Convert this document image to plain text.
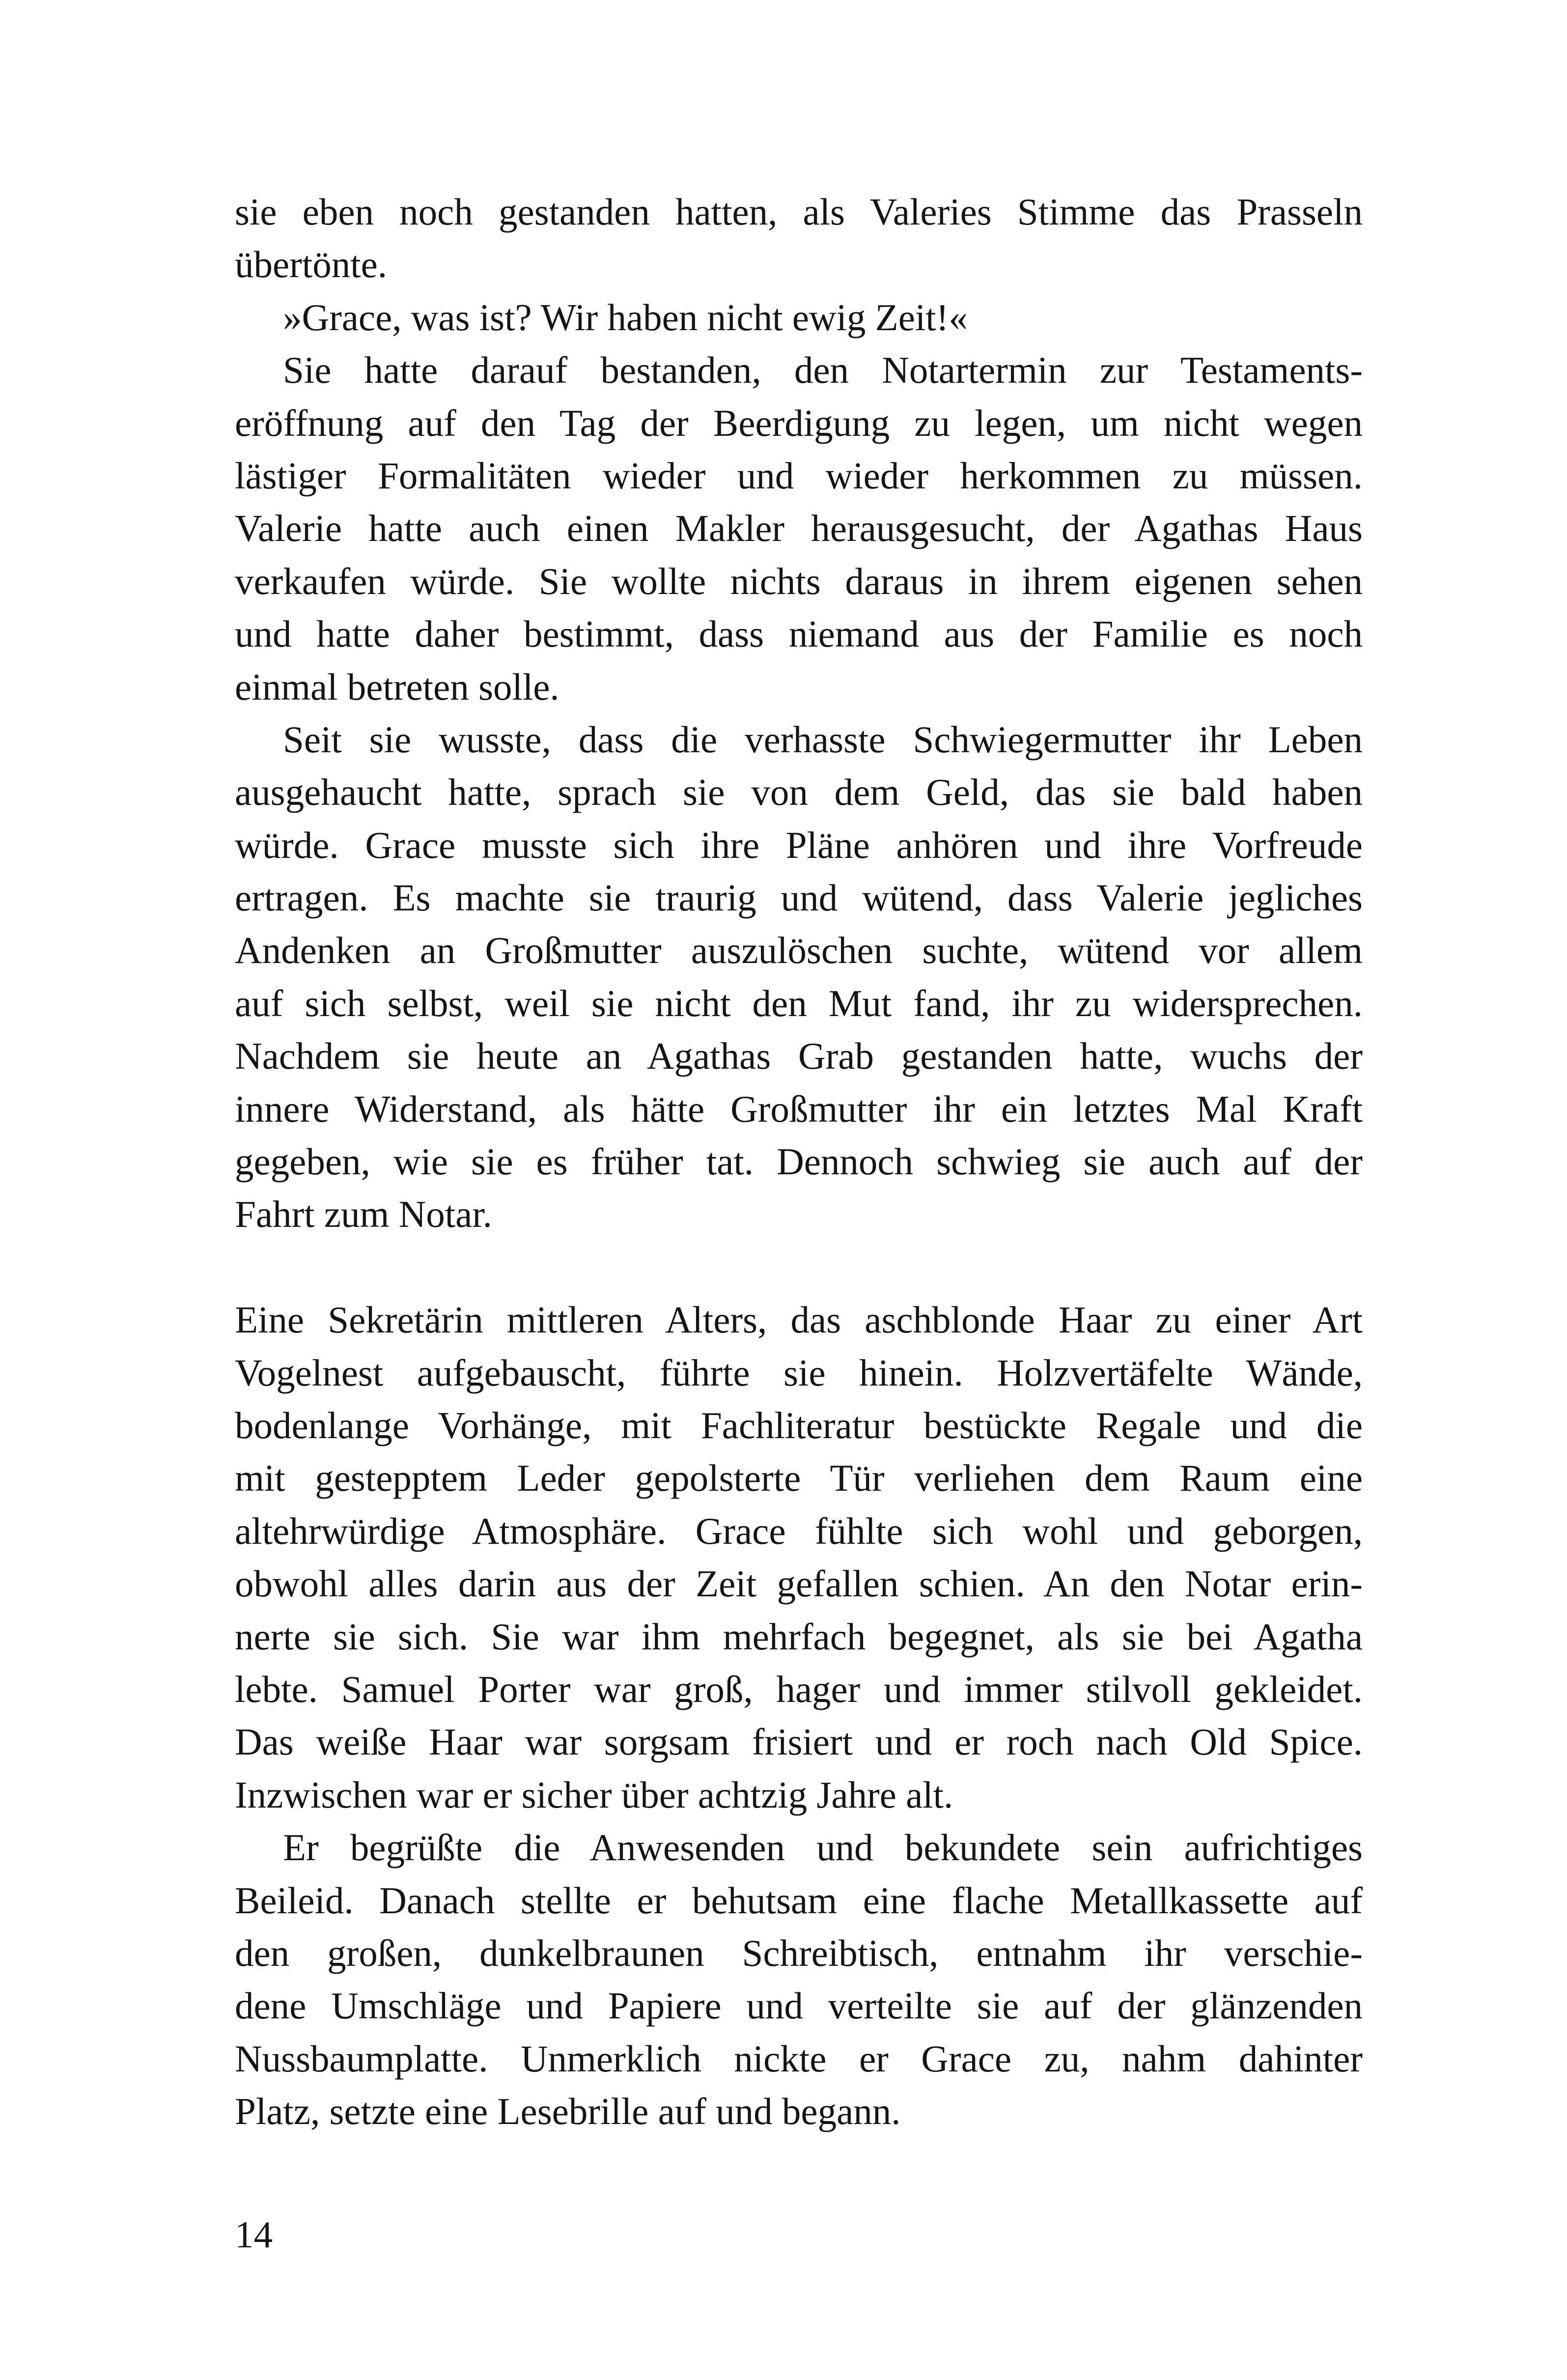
sie eben noch gestanden hatten, als Valeries Stimme das Prasseln
übertönte.
»Grace, was ist? Wir haben nicht ewig Zeit!«
Sie hatte darauf bestanden, den Notartermin zur Testaments-
eröffnung auf den Tag der Beerdigung zu legen, um nicht wegen
lästiger Formalitäten wieder und wieder herkommen zu müssen.
Valerie hatte auch einen Makler herausgesucht, der Agathas Haus
verkaufen würde. Sie wollte nichts daraus in ihrem eigenen sehen
und hatte daher bestimmt, dass niemand aus der Familie es noch
einmal betreten solle.
Seit sie wusste, dass die verhasste Schwiegermutter ihr Leben
ausgehaucht hatte, sprach sie von dem Geld, das sie bald haben
würde. Grace musste sich ihre Pläne anhören und ihre Vorfreude
ertragen. Es machte sie traurig und wütend, dass Valerie jegliches
Andenken an Großmutter auszulöschen suchte, wütend vor allem
auf sich selbst, weil sie nicht den Mut fand, ihr zu widersprechen.
Nachdem sie heute an Agathas Grab gestanden hatte, wuchs der
innere Widerstand, als hätte Großmutter ihr ein letztes Mal Kraft
gegeben, wie sie es früher tat. Dennoch schwieg sie auch auf der
Fahrt zum Notar.
Eine Sekretärin mittleren Alters, das aschblonde Haar zu einer Art
Vogelnest aufgebauscht, führte sie hinein. Holzvertäfelte Wände,
bodenlange Vorhänge, mit Fachliteratur bestückte Regale und die
mit gestepptem Leder gepolsterte Tür verliehen dem Raum eine
altehrwürdige Atmosphäre. Grace fühlte sich wohl und geborgen,
obwohl alles darin aus der Zeit gefallen schien. An den Notar erin-
nerte sie sich. Sie war ihm mehrfach begegnet, als sie bei Agatha
lebte. Samuel Porter war groß, hager und immer stilvoll gekleidet.
Das weiße Haar war sorgsam frisiert und er roch nach Old Spice.
Inzwischen war er sicher über achtzig Jahre alt.
Er begrüßte die Anwesenden und bekundete sein aufrichtiges
Beileid. Danach stellte er behutsam eine flache Metallkassette auf
den großen, dunkelbraunen Schreibtisch, entnahm ihr verschie-
dene Umschläge und Papiere und verteilte sie auf der glänzenden
Nussbaumplatte. Unmerklich nickte er Grace zu, nahm dahinter
Platz, setzte eine Lesebrille auf und begann.
14
